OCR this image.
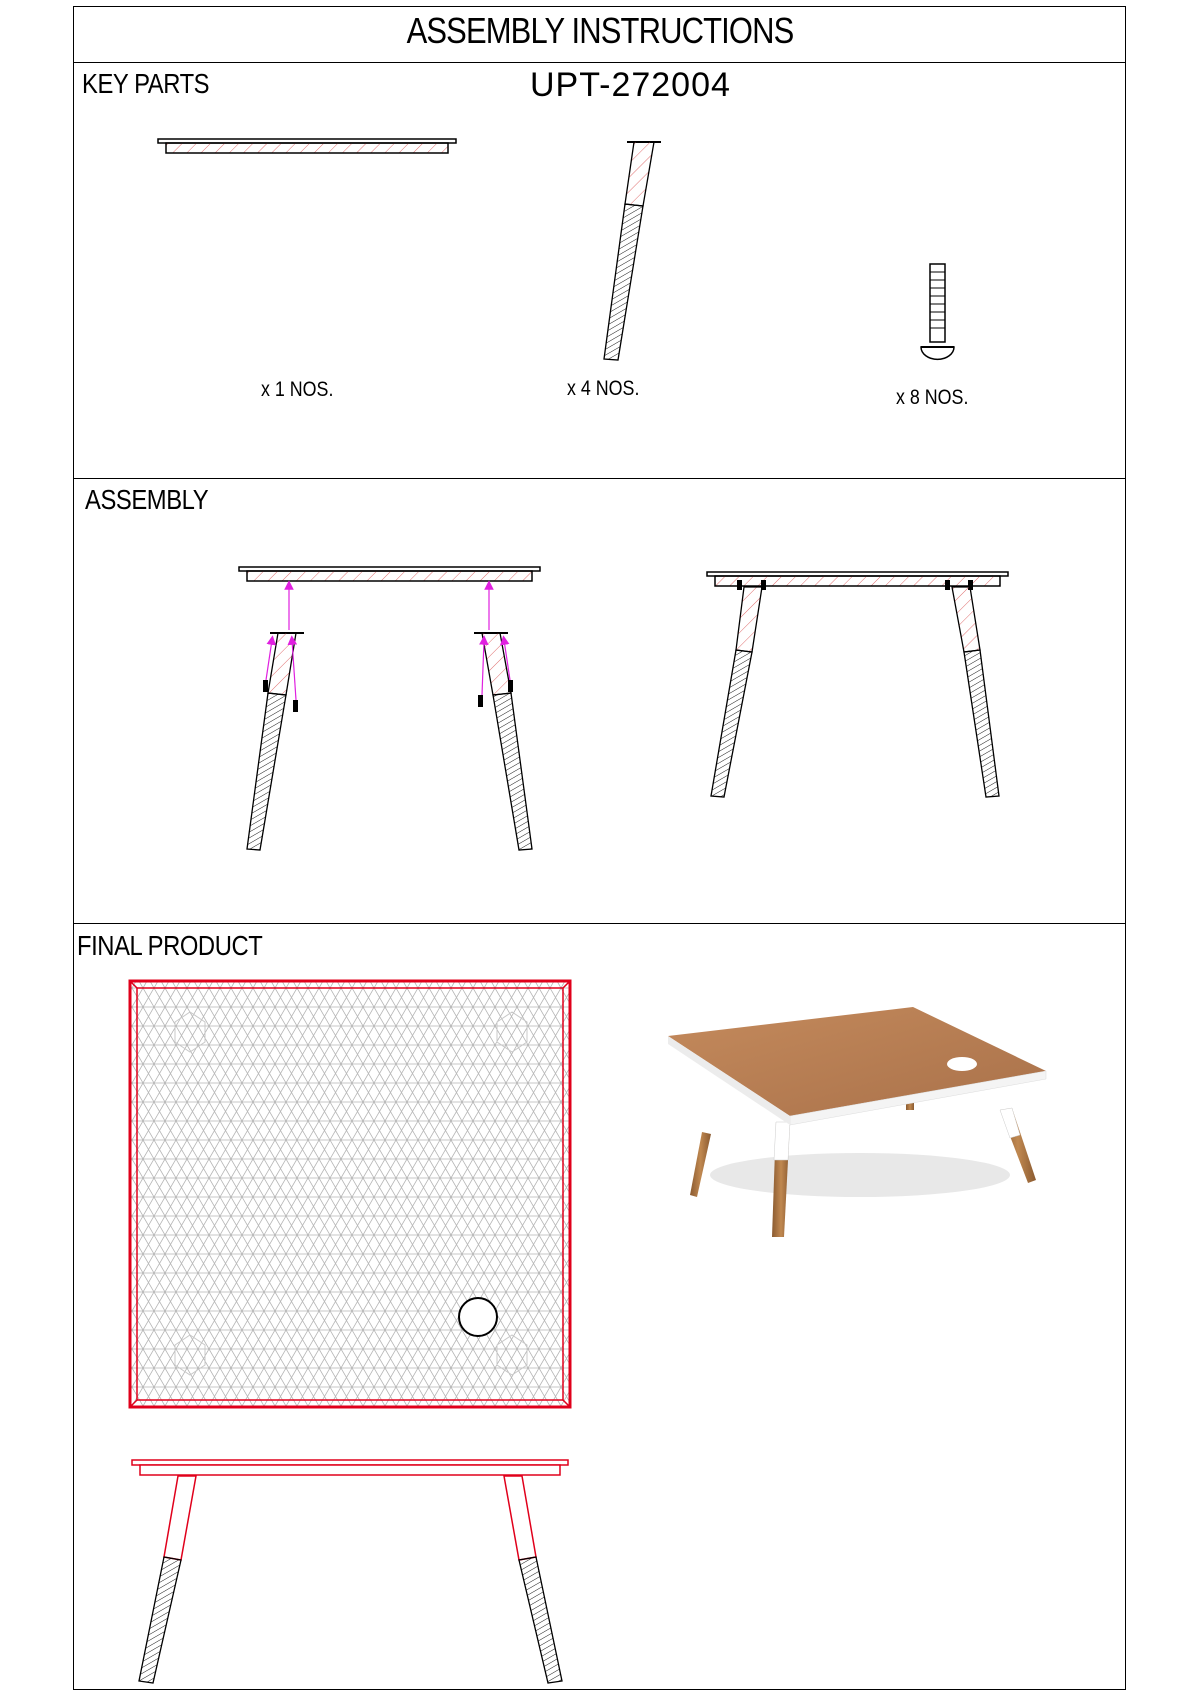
ASSEMBLY INSTRUCTIONS
KEY PARTS	UPT-272004
x 1 NOS.	x 4 NOS.	x 8 NOS.
ASSEMBLY
FINAL PRODUCT
